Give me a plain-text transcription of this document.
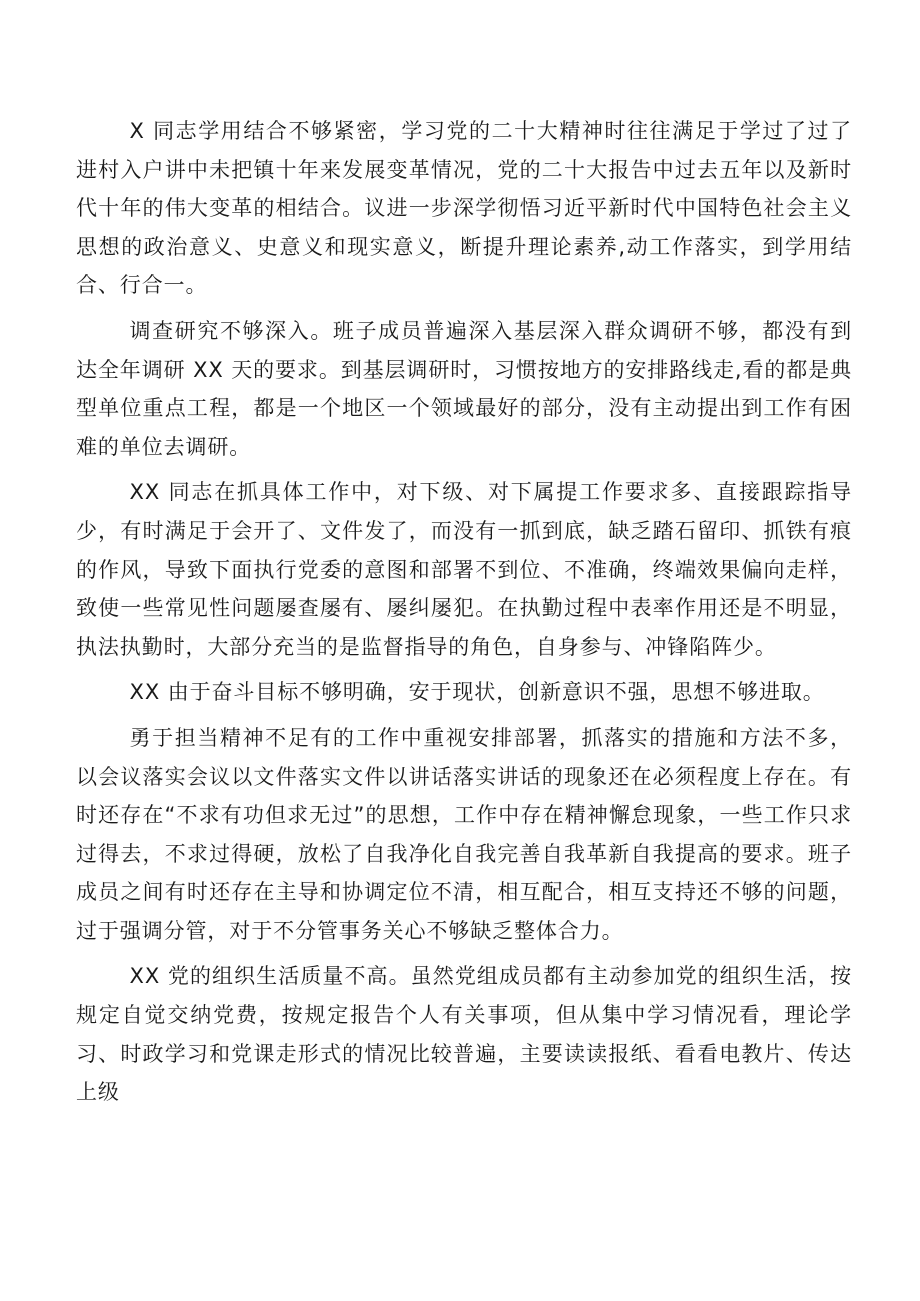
X 同志学用结合不够紧密，学习党的二十大精神时往往满足于学过了过了进村入户讲中未把镇十年来发展变革情况，党的二十大报告中过去五年以及新时代十年的伟大变革的相结合。议进一步深学彻悟习近平新时代中国特色社会主义思想的政治意义、史意义和现实意义，断提升理论素养,动工作落实，到学用结合、行合一。

调查研究不够深入。班子成员普遍深入基层深入群众调研不够，都没有到达全年调研 XX 天的要求。到基层调研时，习惯按地方的安排路线走,看的都是典型单位重点工程，都是一个地区一个领域最好的部分，没有主动提出到工作有困难的单位去调研。

XX 同志在抓具体工作中，对下级、对下属提工作要求多、直接跟踪指导少，有时满足于会开了、文件发了，而没有一抓到底，缺乏踏石留印、抓铁有痕的作风，导致下面执行党委的意图和部署不到位、不准确，终端效果偏向走样，致使一些常见性问题屡查屡有、屡纠屡犯。在执勤过程中表率作用还是不明显，执法执勤时，大部分充当的是监督指导的角色，自身参与、冲锋陷阵少。

XX 由于奋斗目标不够明确，安于现状，创新意识不强，思想不够进取。

勇于担当精神不足有的工作中重视安排部署，抓落实的措施和方法不多，以会议落实会议以文件落实文件以讲话落实讲话的现象还在必须程度上存在。有时还存在“不求有功但求无过”的思想，工作中存在精神懈怠现象，一些工作只求过得去，不求过得硬，放松了自我净化自我完善自我革新自我提高的要求。班子成员之间有时还存在主导和协调定位不清，相互配合，相互支持还不够的问题，过于强调分管，对于不分管事务关心不够缺乏整体合力。

XX 党的组织生活质量不高。虽然党组成员都有主动参加党的组织生活，按规定自觉交纳党费，按规定报告个人有关事项，但从集中学习情况看，理论学习、时政学习和党课走形式的情况比较普遍，主要读读报纸、看看电教片、传达上级
